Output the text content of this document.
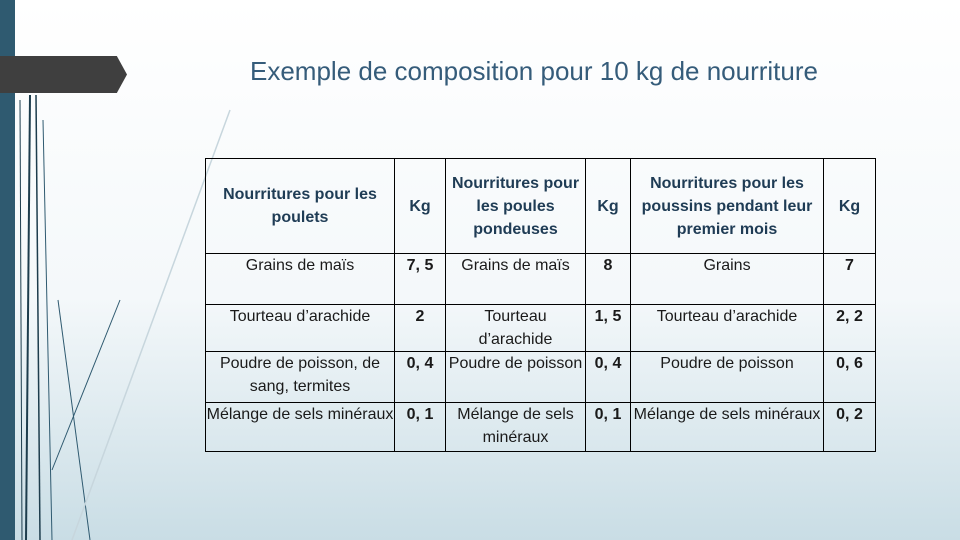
Exemple de composition pour 10 kg de nourriture
Nourritures pour les poulets	Kg	Nourritures pour les poules pondeuses	Kg	Nourritures pour les poussins pendant leur premier mois	Kg
Grains de maïs	7, 5	Grains de maïs	8	Grains	7
Tourteau d’arachide	2	Tourteau d’arachide	1, 5	Tourteau d’arachide	2, 2
Poudre de poisson, de sang, termites	0, 4	Poudre de poisson	0, 4	Poudre de poisson	0, 6
Mélange de sels minéraux	0, 1	Mélange de sels minéraux	0, 1	Mélange de sels minéraux	0, 2
